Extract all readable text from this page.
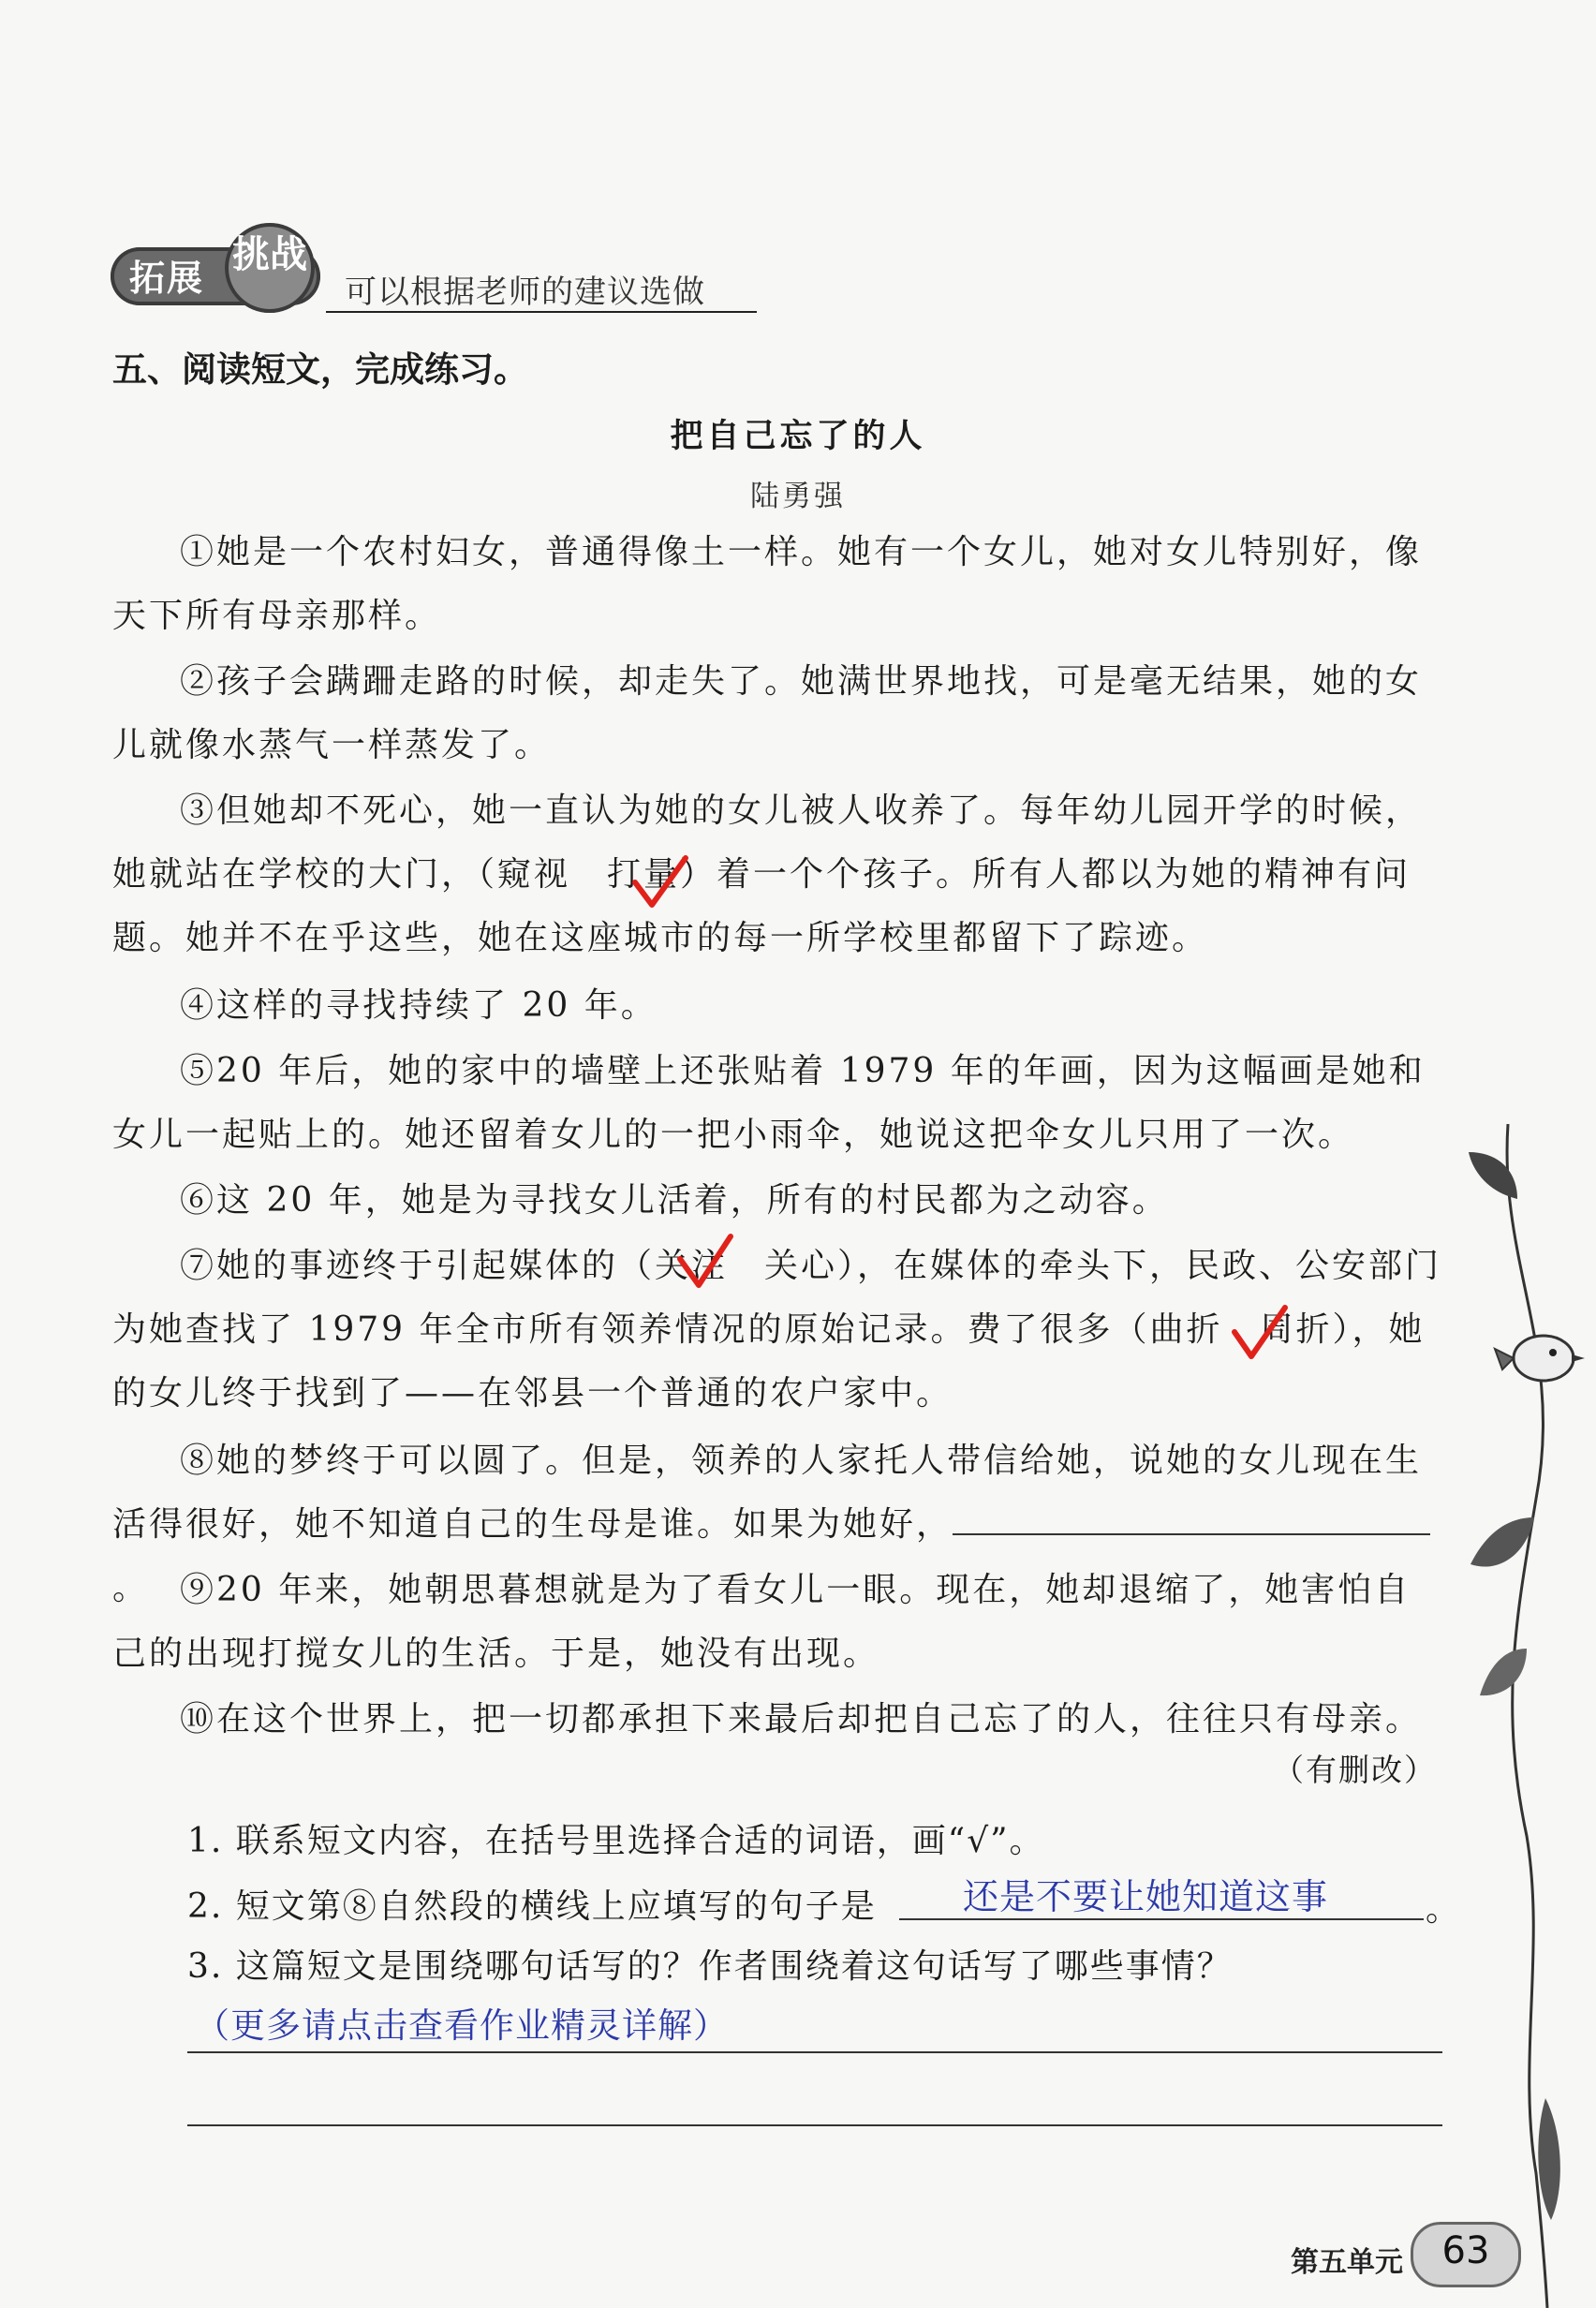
拓展
挑战
可以根据老师的建议选做
五、阅读短文，完成练习。
把自己忘了的人
陆勇强
①她是一个农村妇女，普通得像土一样。她有一个女儿，她对女儿特别好，像天下所有母亲那样。
②孩子会蹒跚走路的时候，却走失了。她满世界地找，可是毫无结果，她的女儿就像水蒸气一样蒸发了。
③但她却不死心，她一直认为她的女儿被人收养了。每年幼儿园开学的时候，她就站在学校的大门，（窥视　打量）着一个个孩子。所有人都以为她的精神有问题。她并不在乎这些，她在这座城市的每一所学校里都留下了踪迹。
④这样的寻找持续了 20 年。
⑤20 年后，她的家中的墙壁上还张贴着 1979 年的年画，因为这幅画是她和女儿一起贴上的。她还留着女儿的一把小雨伞，她说这把伞女儿只用了一次。
⑥这 20 年，她是为寻找女儿活着，所有的村民都为之动容。
⑦她的事迹终于引起媒体的（关注　关心），在媒体的牵头下，民政、公安部门为她查找了 1979 年全市所有领养情况的原始记录。费了很多（曲折　周折），她的女儿终于找到了——在邻县一个普通的农户家中。
⑧她的梦终于可以圆了。但是，领养的人家托人带信给她，说她的女儿现在生活得很好，她不知道自己的生母是谁。如果为她好，。 ⑨20 年来，她朝思暮想就是为了看女儿一眼。现在，她却退缩了，她害怕自己的出现打搅女儿的生活。于是，她没有出现。
⑩在这个世界上，把一切都承担下来最后却把自己忘了的人，往往只有母亲。
（有删改）
1. 联系短文内容，在括号里选择合适的词语，画“√”。
2. 短文第⑧自然段的横线上应填写的句子是 还是不要让她知道这事	。
3. 这篇短文是围绕哪句话写的？作者围绕着这句话写了哪些事情？
（更多请点击查看作业精灵详解）
第五单元	63
